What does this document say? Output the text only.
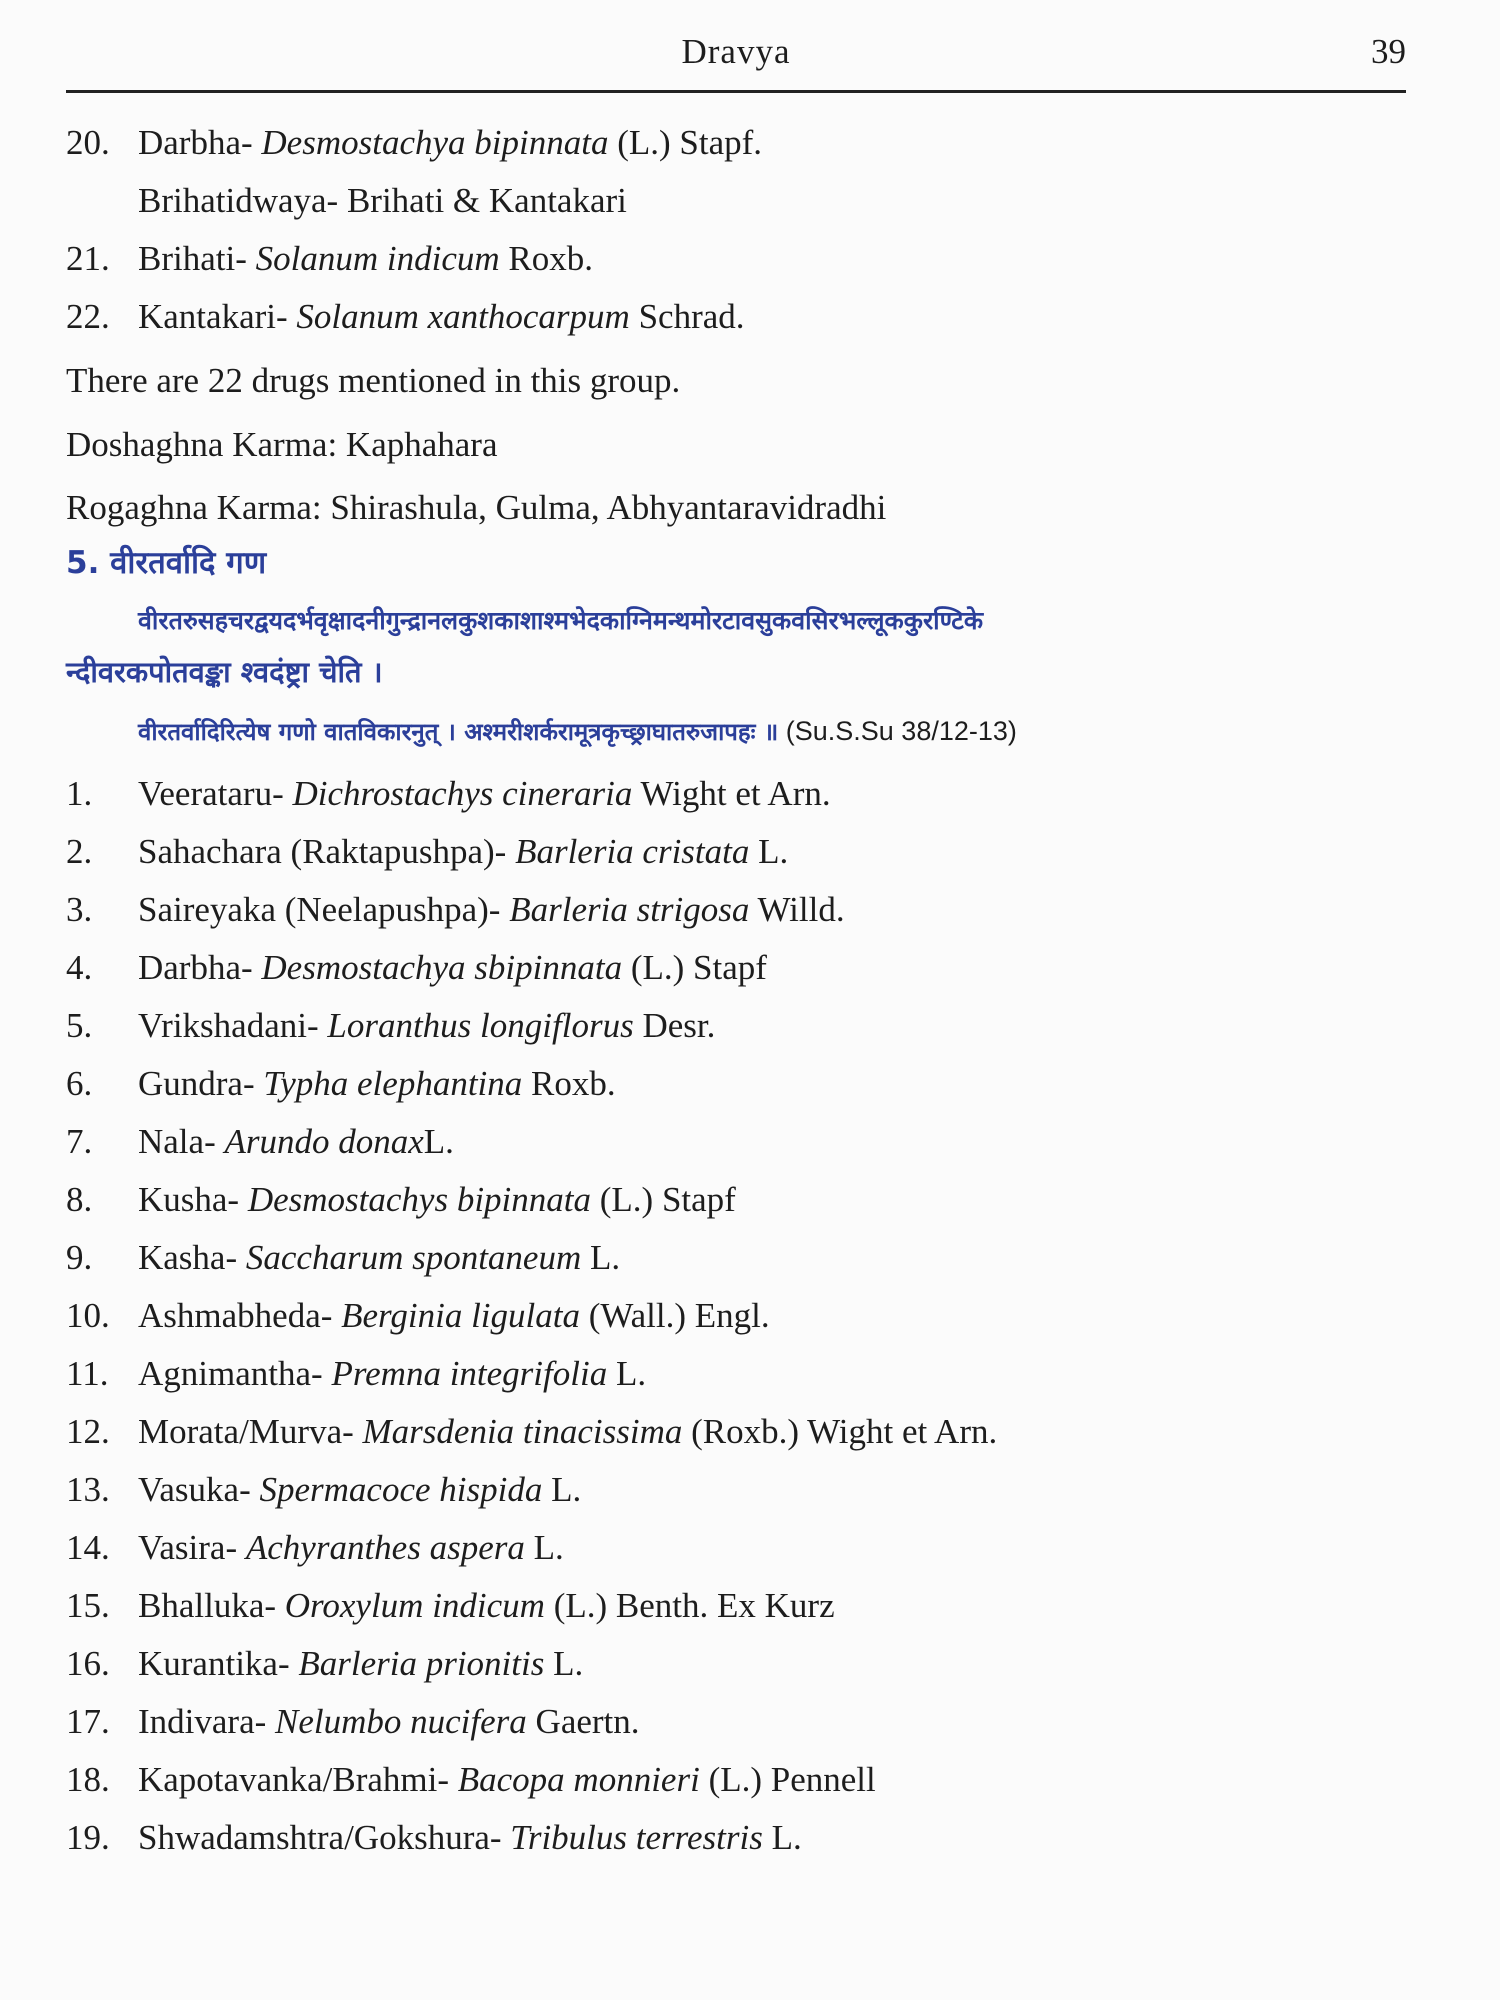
Dravya	39
20. Darbha- Desmostachya bipinnata (L.) Stapf.
Brihatidwaya- Brihati & Kantakari
21. Brihati- Solanum indicum Roxb.
22. Kantakari- Solanum xanthocarpum Schrad.
There are 22 drugs mentioned in this group.
Doshaghna Karma: Kaphahara
Rogaghna Karma: Shirashula, Gulma, Abhyantaravidradhi
5. वीरतर्वादि गण
वीरतरुसहचरद्वयदर्भवृक्षादनीगुन्द्रानलकुशकाशाश्मभेदकाग्निमन्थमोरटावसुकवसिरभल्लूककुरण्टिके
न्दीवरकपोतवङ्का श्वदंष्ट्रा चेति ।
वीरतर्वादिरित्येष गणो वातविकारनुत् । अश्मरीशर्करामूत्रकृच्छ्राघातरुजापहः ॥ (Su.S.Su 38/12-13)
1. Veerataru- Dichrostachys cineraria Wight et Arn.
2. Sahachara (Raktapushpa)- Barleria cristata L.
3. Saireyaka (Neelapushpa)- Barleria strigosa Willd.
4. Darbha- Desmostachya sbipinnata (L.) Stapf
5. Vrikshadani- Loranthus longiflorus Desr.
6. Gundra- Typha elephantina Roxb.
7. Nala- Arundo donaxL.
8. Kusha- Desmostachys bipinnata (L.) Stapf
9. Kasha- Saccharum spontaneum L.
10. Ashmabheda- Berginia ligulata (Wall.) Engl.
11. Agnimantha- Premna integrifolia L.
12. Morata/Murva- Marsdenia tinacissima (Roxb.) Wight et Arn.
13. Vasuka- Spermacoce hispida L.
14. Vasira- Achyranthes aspera L.
15. Bhalluka- Oroxylum indicum (L.) Benth. Ex Kurz
16. Kurantika- Barleria prionitis L.
17. Indivara- Nelumbo nucifera Gaertn.
18. Kapotavanka/Brahmi- Bacopa monnieri (L.) Pennell
19. Shwadamshtra/Gokshura- Tribulus terrestris L.
